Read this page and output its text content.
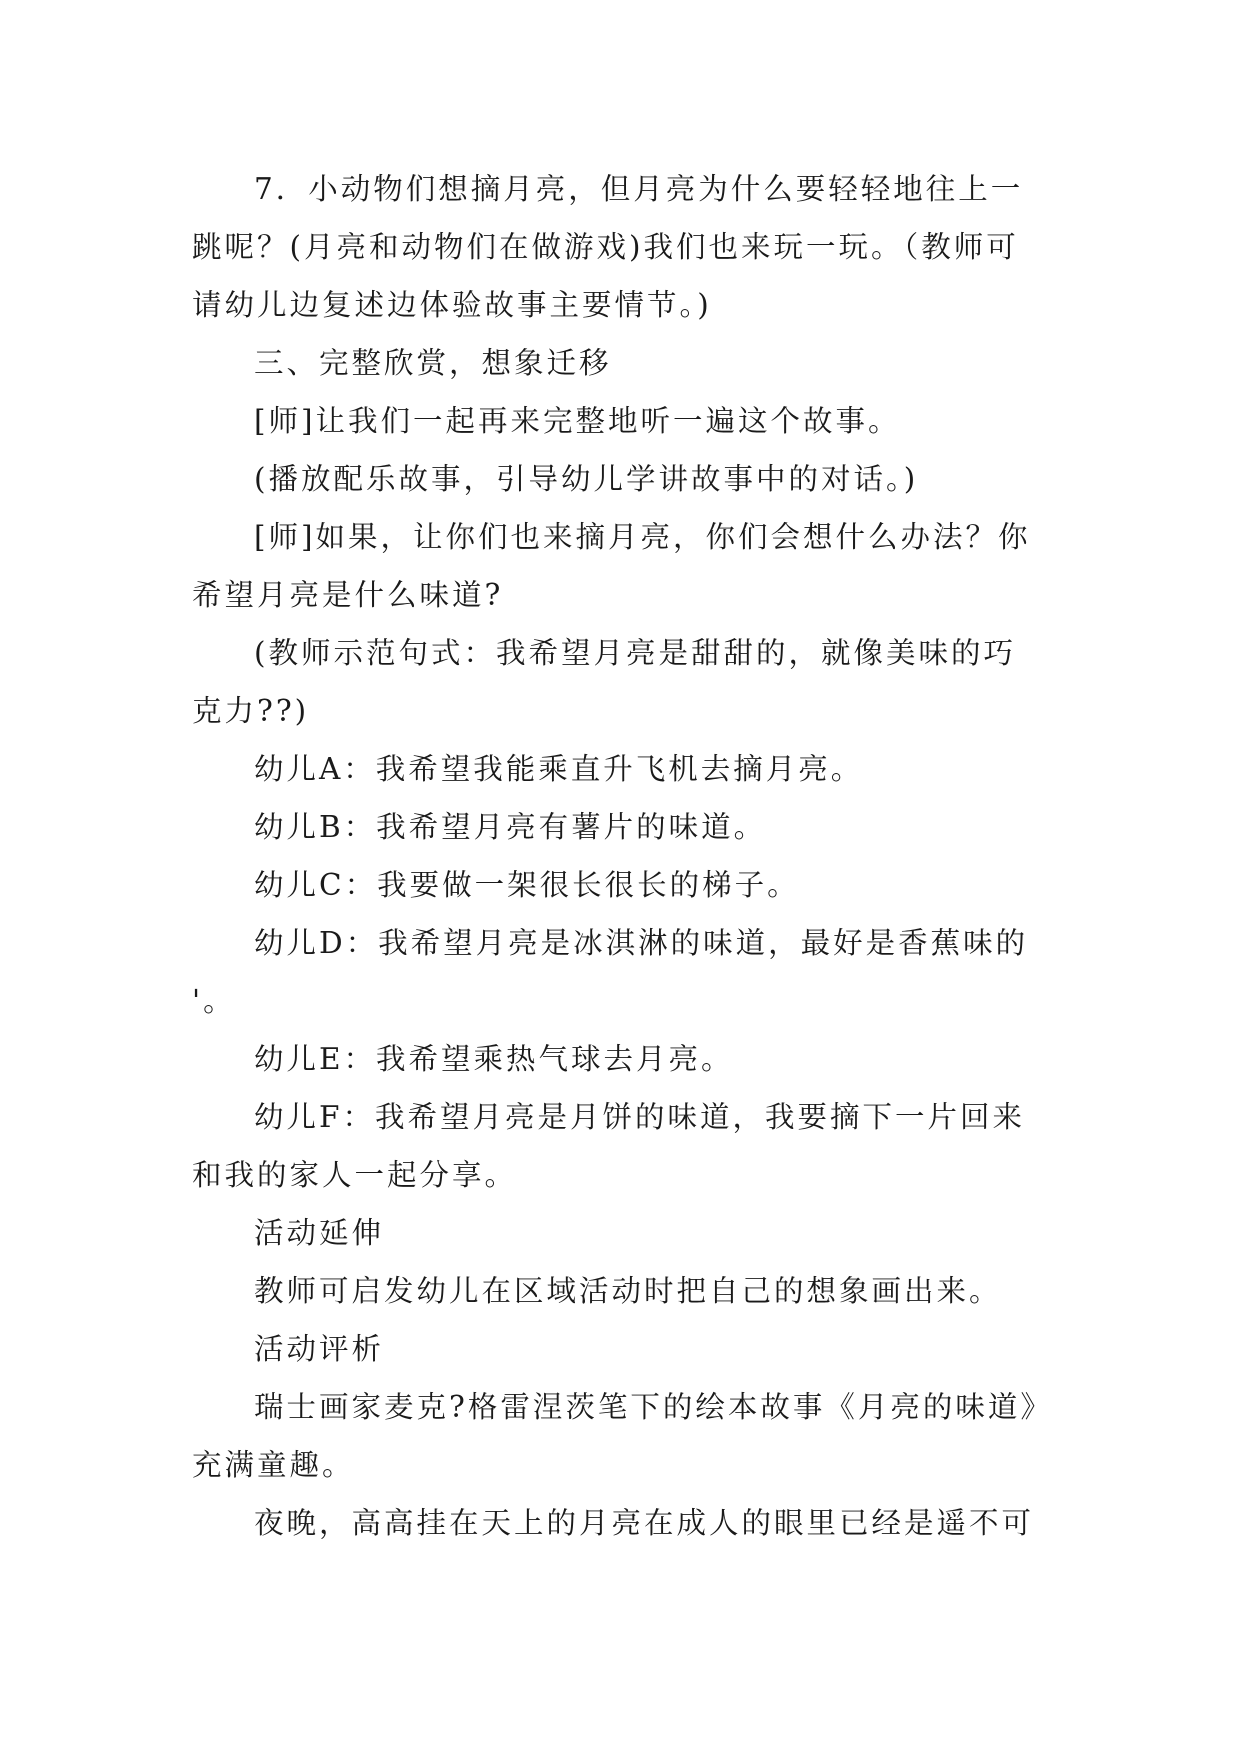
7．小动物们想摘月亮，但月亮为什么要轻轻地往上一
跳呢？(月亮和动物们在做游戏)我们也来玩一玩。（教师可
请幼儿边复述边体验故事主要情节。)
三、完整欣赏，想象迁移
[师]让我们一起再来完整地听一遍这个故事。
(播放配乐故事，引导幼儿学讲故事中的对话。)
[师]如果，让你们也来摘月亮，你们会想什么办法？你
希望月亮是什么味道?
(教师示范句式：我希望月亮是甜甜的，就像美味的巧
克力??)
幼儿A：我希望我能乘直升飞机去摘月亮。
幼儿B：我希望月亮有薯片的味道。
幼儿C：我要做一架很长很长的梯子。
幼儿D：我希望月亮是冰淇淋的味道，最好是香蕉味的
'。
幼儿E：我希望乘热气球去月亮。
幼儿F：我希望月亮是月饼的味道，我要摘下一片回来
和我的家人一起分享。
活动延伸
教师可启发幼儿在区域活动时把自己的想象画出来。
活动评析
瑞士画家麦克?格雷涅茨笔下的绘本故事《月亮的味道》
充满童趣。
夜晚，高高挂在天上的月亮在成人的眼里已经是遥不可
